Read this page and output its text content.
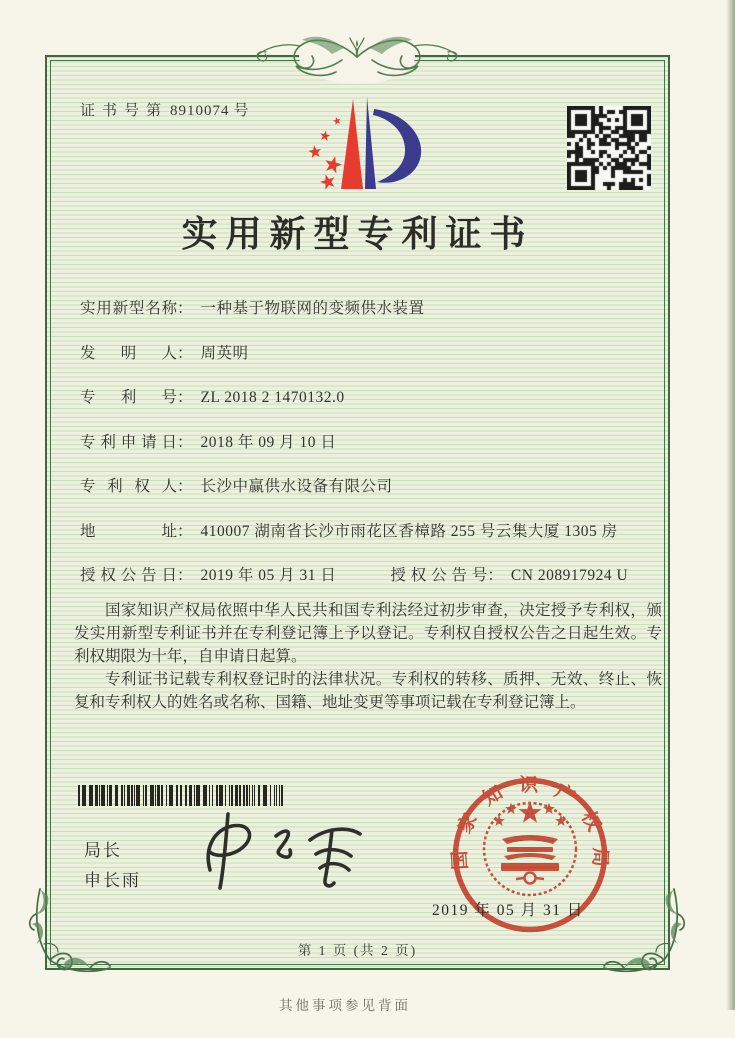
证书号第 8910074 号
实用新型专利证书
实用新型名称： 一种基于物联网的变频供水装置
发明人： 周英明
专利号： ZL 2018 2 1470132.0
专利申请日： 2018 年 09 月 10 日
专利权人： 长沙中赢供水设备有限公司
地址： 410007 湖南省长沙市雨花区香樟路 255 号云集大厦 1305 房
授权公告日： 2019 年 05 月 31 日	授权公告号： CN 208917924 U

国家知识产权局依照中华人民共和国专利法经过初步审查，决定授予专利权，颁发实用新型专利证书并在专利登记簿上予以登记。专利权自授权公告之日起生效。专利权期限为十年，自申请日起算。

专利证书记载专利权登记时的法律状况。专利权的转移、质押、无效、终止、恢复和专利权人的姓名或名称、国籍、地址变更等事项记载在专利登记簿上。

局长
申长雨
国家知识产权局
2019 年 05 月 31 日
第 1 页 (共 2 页)
其他事项参见背面
